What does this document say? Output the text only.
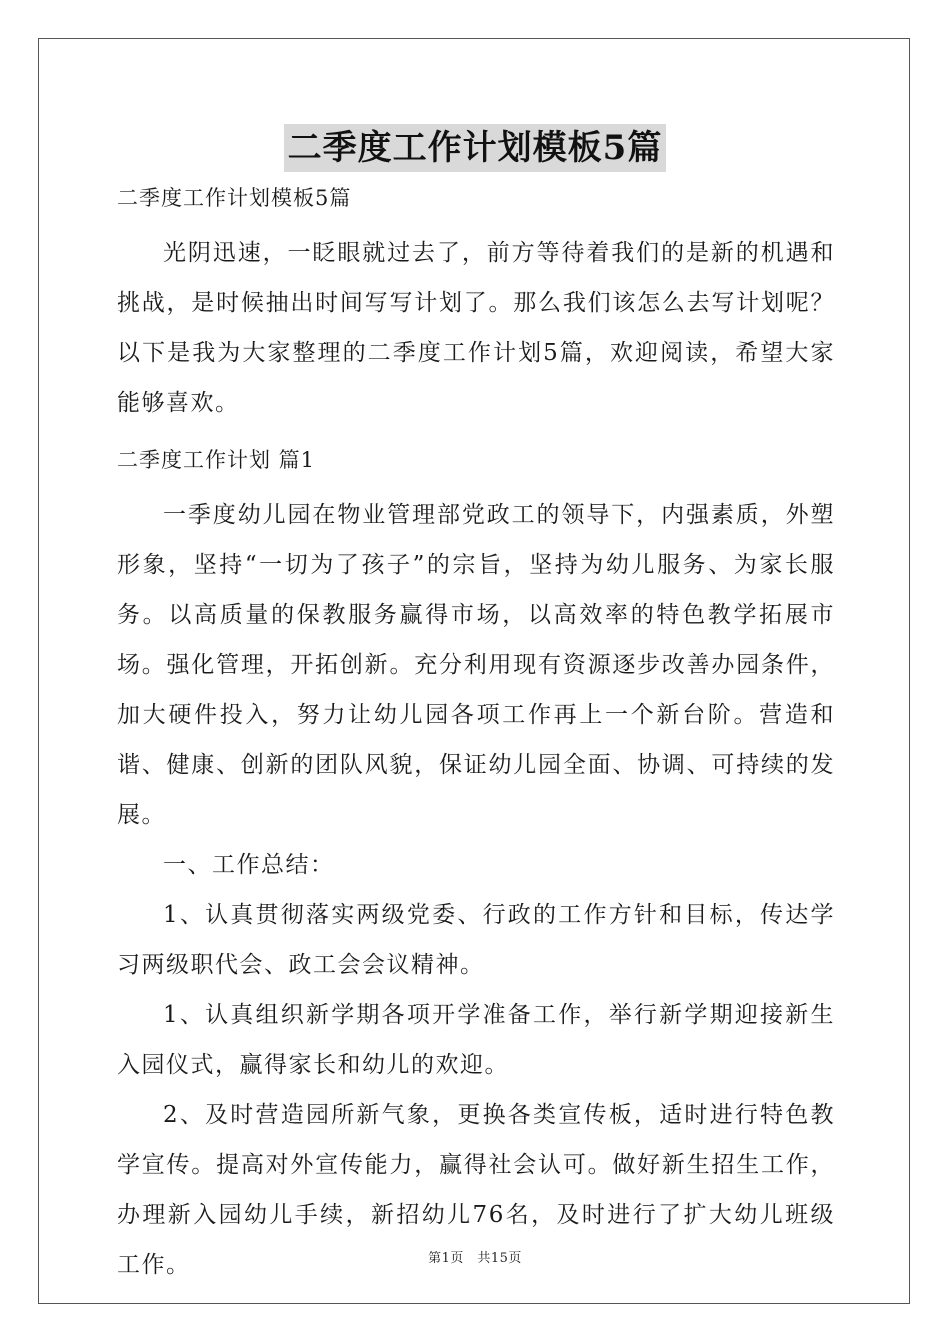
二季度工作计划模板5篇

二季度工作计划模板5篇

光阴迅速，一眨眼就过去了，前方等待着我们的是新的机遇和挑战，是时候抽出时间写写计划了。那么我们该怎么去写计划呢？以下是我为大家整理的二季度工作计划5篇，欢迎阅读，希望大家能够喜欢。

二季度工作计划 篇1

一季度幼儿园在物业管理部党政工的领导下，内强素质，外塑形象，坚持“一切为了孩子”的宗旨，坚持为幼儿服务、为家长服务。以高质量的保教服务赢得市场，以高效率的特色教学拓展市场。强化管理，开拓创新。充分利用现有资源逐步改善办园条件，加大硬件投入，努力让幼儿园各项工作再上一个新台阶。营造和谐、健康、创新的团队风貌，保证幼儿园全面、协调、可持续的发展。

一、工作总结：

1、认真贯彻落实两级党委、行政的工作方针和目标，传达学习两级职代会、政工会会议精神。

1、认真组织新学期各项开学准备工作，举行新学期迎接新生入园仪式，赢得家长和幼儿的欢迎。

2、及时营造园所新气象，更换各类宣传板，适时进行特色教学宣传。提高对外宣传能力，赢得社会认可。做好新生招生工作，办理新入园幼儿手续，新招幼儿76名，及时进行了扩大幼儿班级工作。	第1页　共15页
